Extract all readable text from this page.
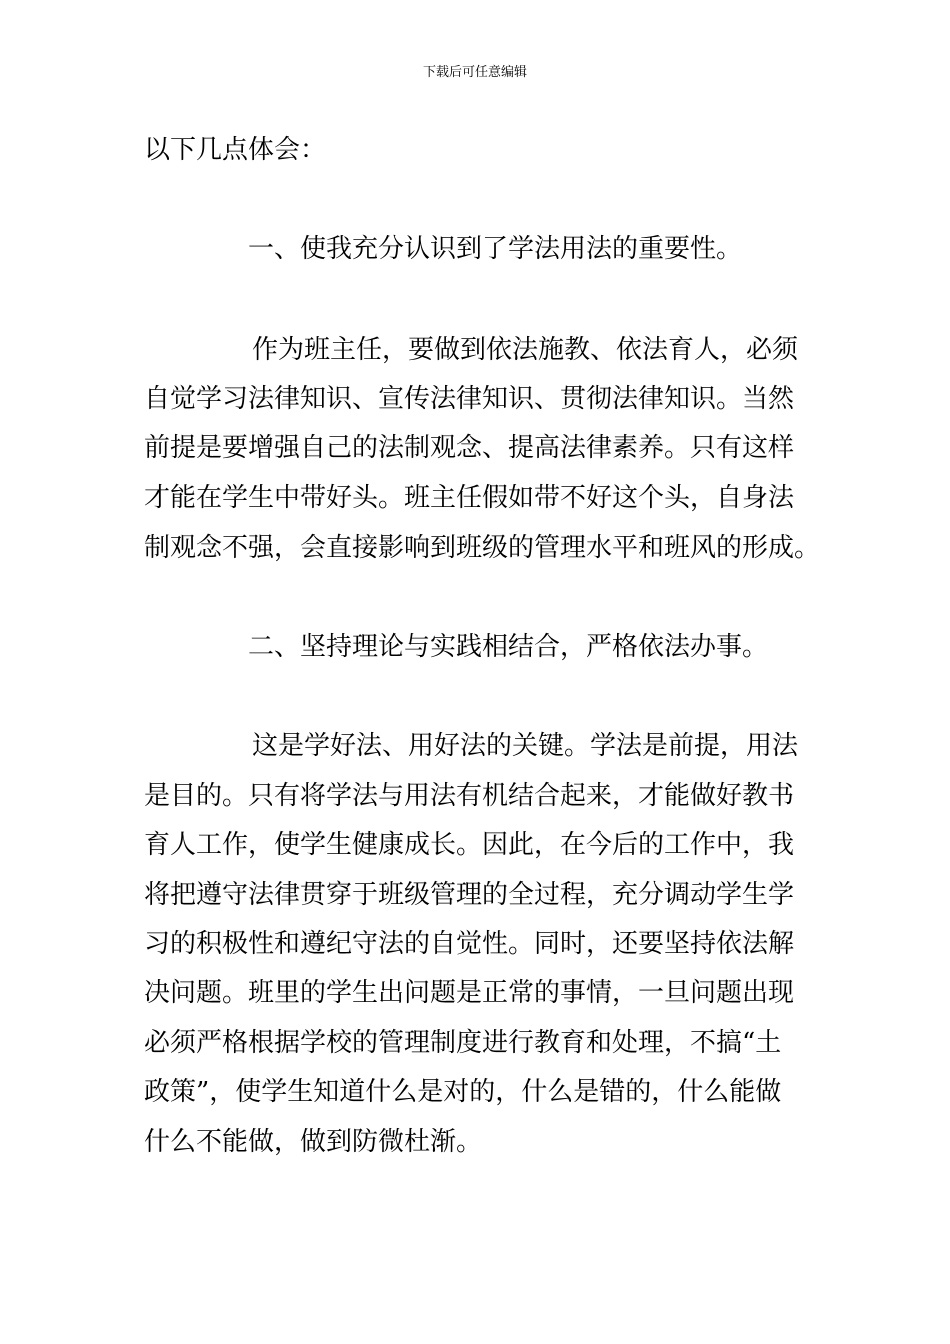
下载后可任意编辑
以下几点体会：
一、使我充分认识到了学法用法的重要性。
作为班主任，要做到依法施教、依法育人，必须
自觉学习法律知识、宣传法律知识、贯彻法律知识。当然
前提是要增强自己的法制观念、提高法律素养。只有这样
才能在学生中带好头。班主任假如带不好这个头，自身法
制观念不强，会直接影响到班级的管理水平和班风的形成。
二、坚持理论与实践相结合，严格依法办事。
这是学好法、用好法的关键。学法是前提，用法
是目的。只有将学法与用法有机结合起来，才能做好教书
育人工作，使学生健康成长。因此，在今后的工作中，我
将把遵守法律贯穿于班级管理的全过程，充分调动学生学
习的积极性和遵纪守法的自觉性。同时，还要坚持依法解
决问题。班里的学生出问题是正常的事情，一旦问题出现
必须严格根据学校的管理制度进行教育和处理，不搞“土
政策”，使学生知道什么是对的，什么是错的，什么能做
什么不能做，做到防微杜渐。
